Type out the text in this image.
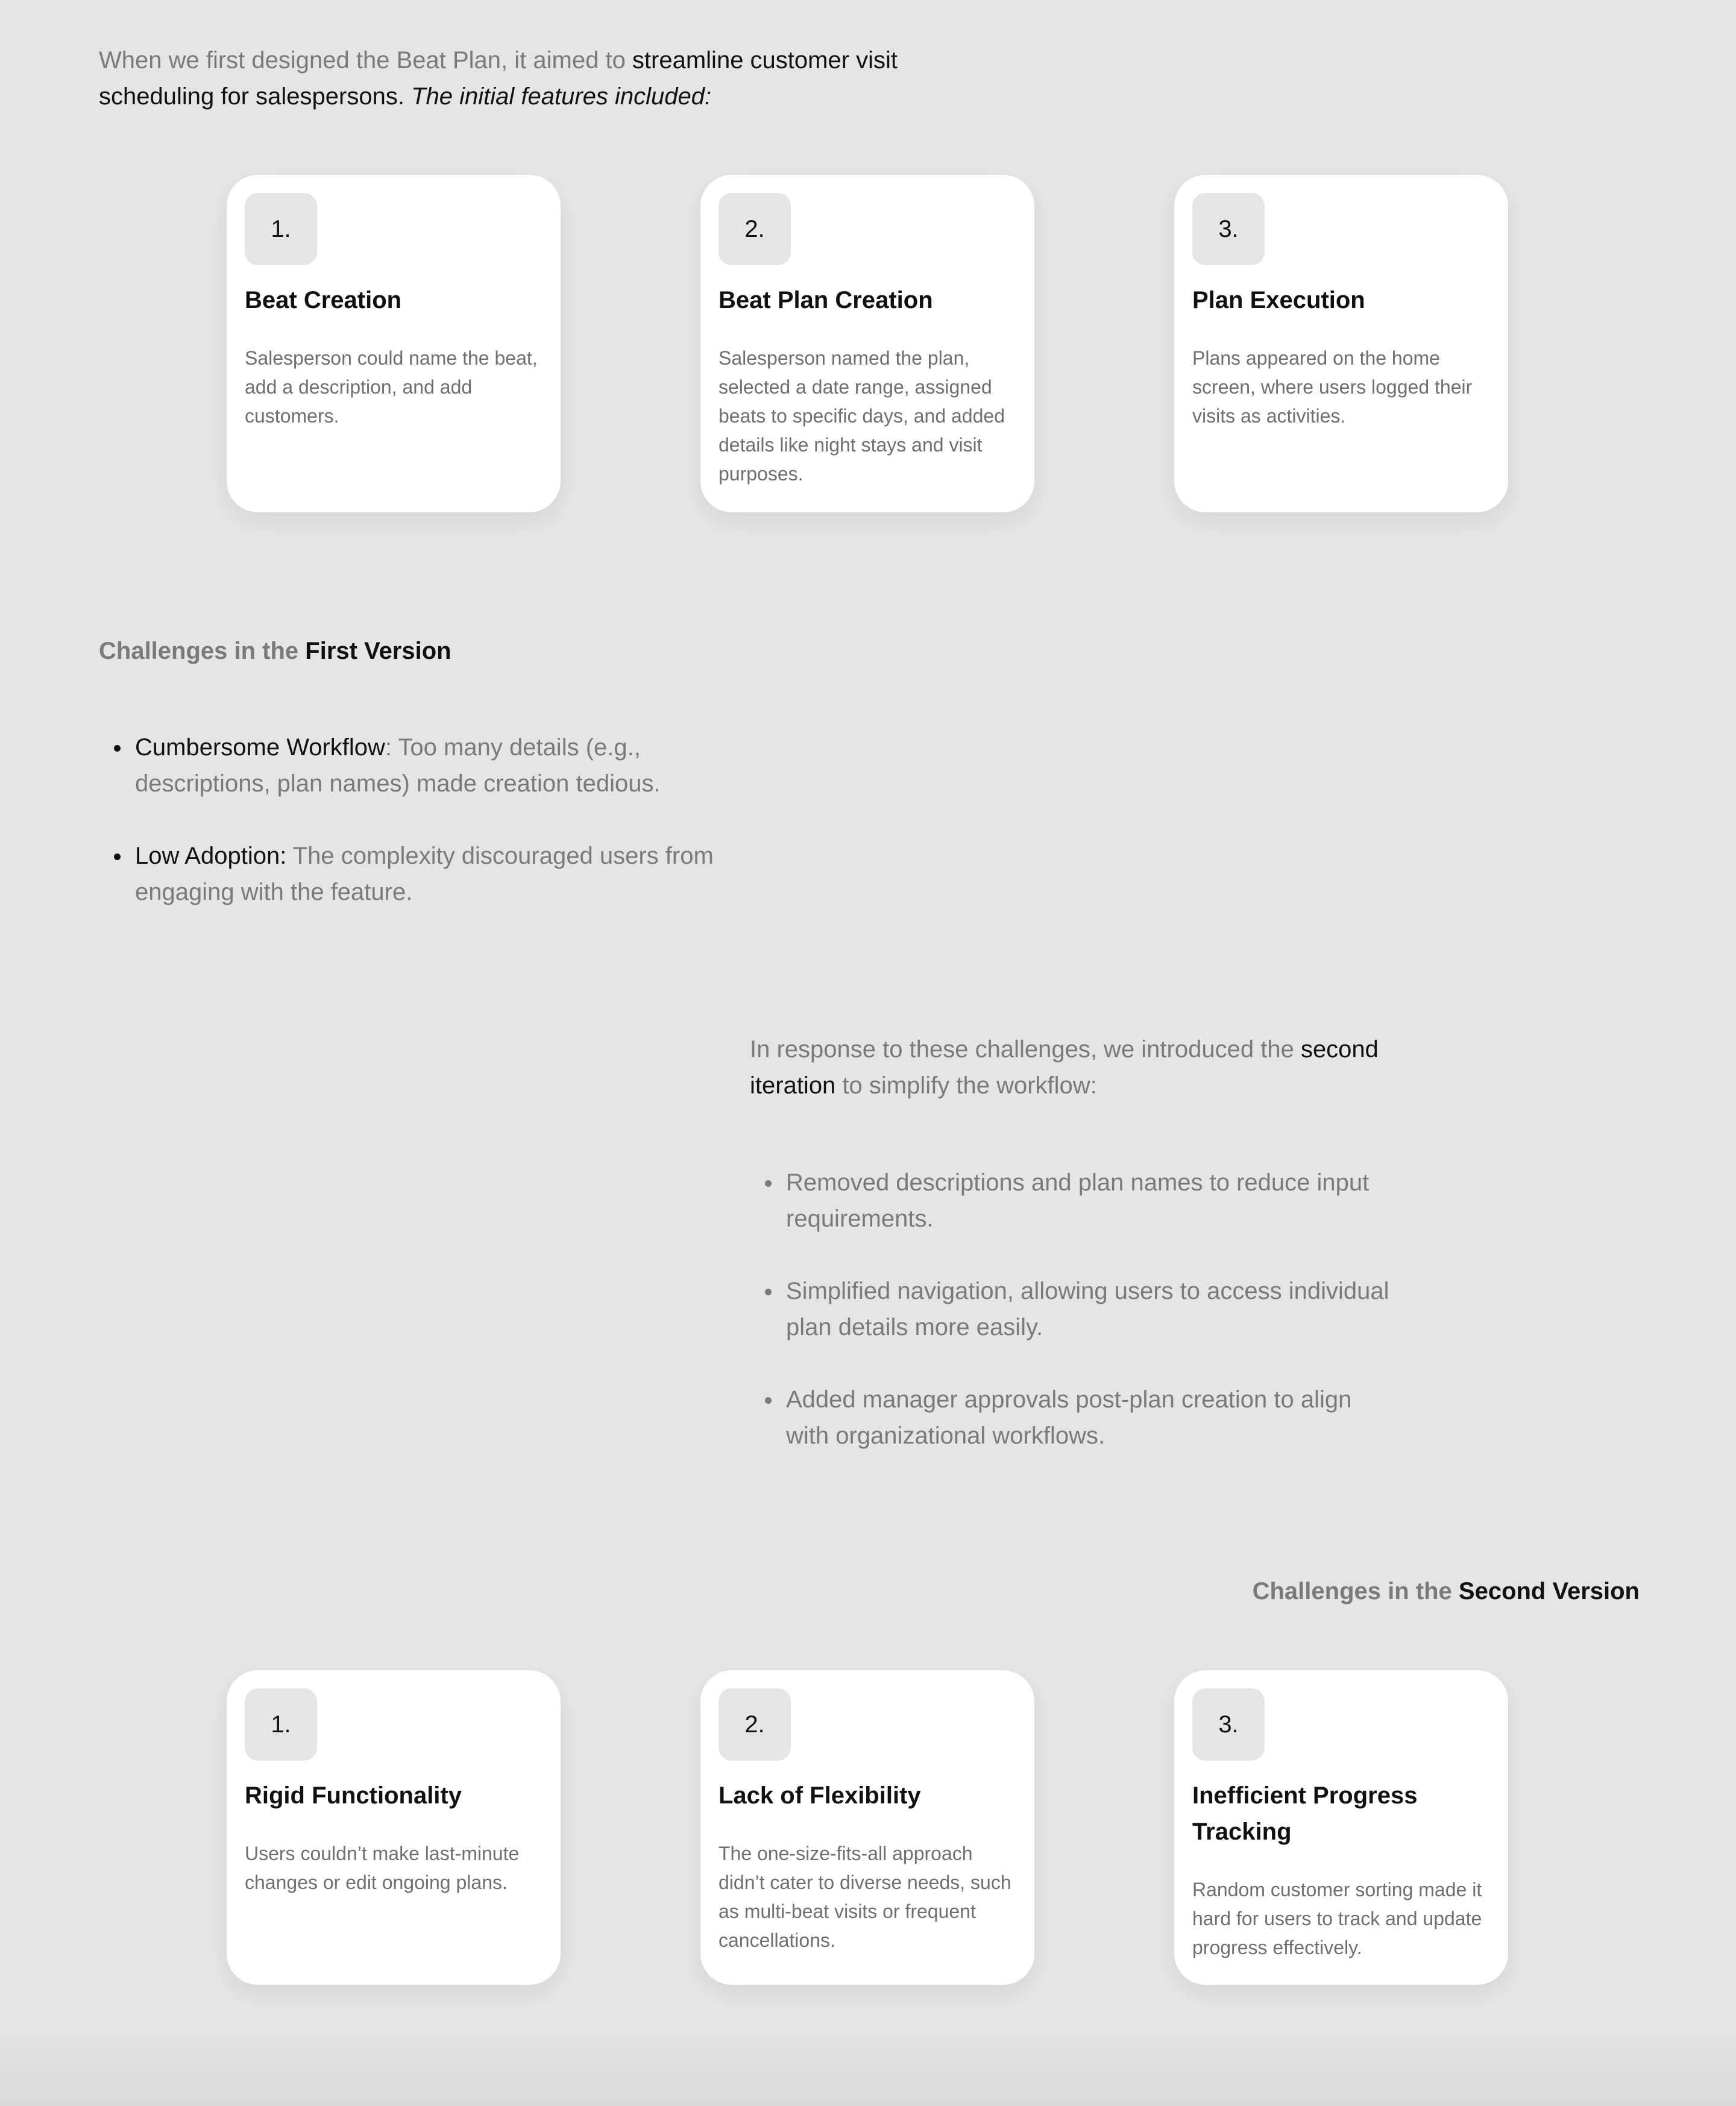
When we first designed the Beat Plan, it aimed to streamline customer visit scheduling for salespersons. The initial features included:

1.
Beat Creation

Salesperson could name the beat, add a description, and add customers.

2.
Beat Plan Creation

Salesperson named the plan, selected a date range, assigned beats to specific days, and added details like night stays and visit purposes.

3.
Plan Execution

Plans appeared on the home screen, where users logged their visits as activities.

Challenges in the First Version
Cumbersome Workflow: Too many details (e.g., descriptions, plan names) made creation tedious.
Low Adoption: The complexity discouraged users from engaging with the feature.

In response to these challenges, we introduced the second iteration to simplify the workflow:

Removed descriptions and plan names to reduce input requirements.
Simplified navigation, allowing users to access individual plan details more easily.
Added manager approvals post-plan creation to align with organizational workflows.
Challenges in the Second Version
1.
Rigid Functionality

Users couldn’t make last-minute changes or edit ongoing plans.

2.
Lack of Flexibility

The one-size-fits-all approach didn’t cater to diverse needs, such as multi-beat visits or frequent cancellations.

3.
Inefficient Progress Tracking

Random customer sorting made it hard for users to track and update progress effectively.
